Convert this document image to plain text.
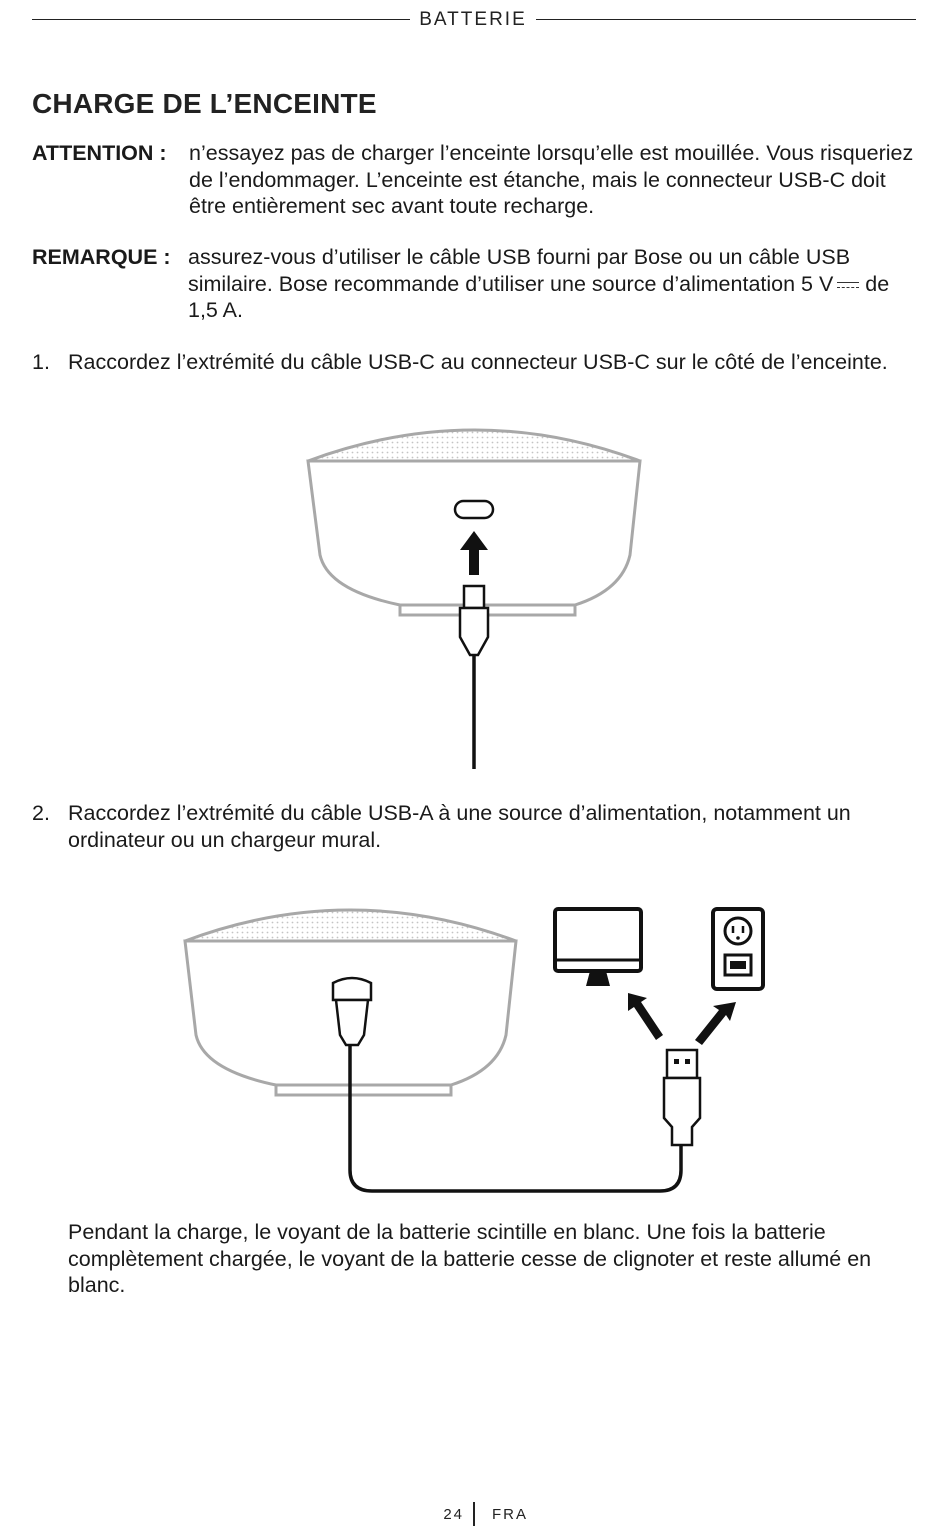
BATTERIE
CHARGE DE L’ENCEINTE
ATTENTION : n’essayez pas de charger l’enceinte lorsqu’elle est mouillée. Vous risqueriez de l’endommager. L’enceinte est étanche, mais le connecteur USB-C doit être entièrement sec avant toute recharge.
REMARQUE : assurez-vous d’utiliser le câble USB fourni par Bose ou un câble USB similaire. Bose recommande d’utiliser une source d’alimentation 5 V de 1,5 A.
1. Raccordez l’extrémité du câble USB-C au connecteur USB-C sur le côté de l’enceinte.
2. Raccordez l’extrémité du câble USB-A à une source d’alimentation, notamment un ordinateur ou un chargeur mural.

Pendant la charge, le voyant de la batterie scintille en blanc. Une fois la batterie complètement chargée, le voyant de la batterie cesse de clignoter et reste allumé en blanc.

24 FRA
